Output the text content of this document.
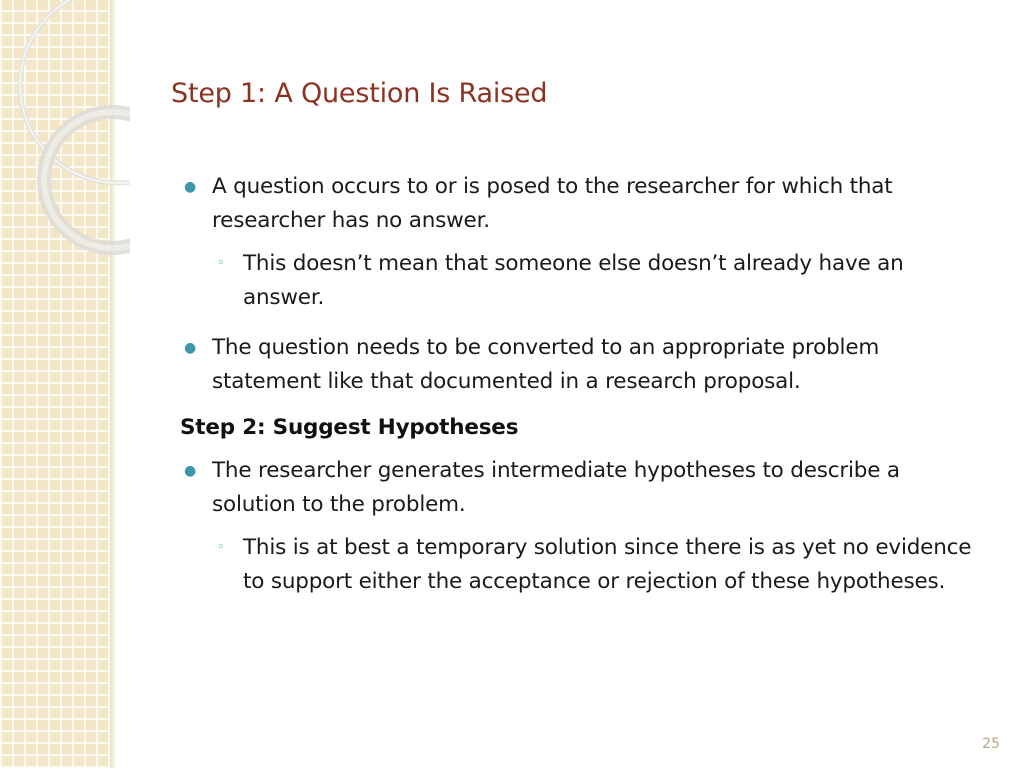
Step 1: A Question Is Raised
● A question occurs to or is posed to the researcher for which that researcher has no answer.
◦ This doesn’t mean that someone else doesn’t already have an answer.
● The question needs to be converted to an appropriate problem statement like that documented in a research proposal.
Step 2: Suggest Hypotheses
● The researcher generates intermediate hypotheses to describe a solution to the problem.
◦ This is at best a temporary solution since there is as yet no evidence to support either the acceptance or rejection of these hypotheses.
25
